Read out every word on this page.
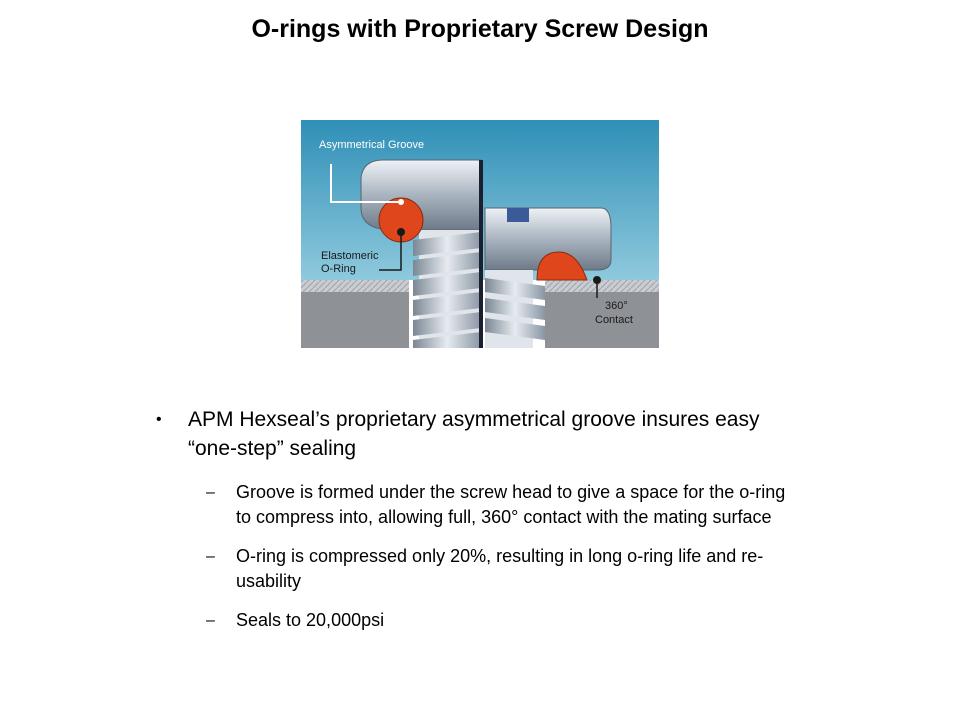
O-rings with Proprietary Screw Design
Asymmetrical Groove
Elastomeric
O-Ring
360°
Contact
• APM Hexseal’s proprietary asymmetrical groove insures easy “one-step” sealing
– Groove is formed under the screw head to give a space for the o-ring to compress into, allowing full, 360° contact with the mating surface
– O-ring is compressed only 20%, resulting in long o-ring life and re-usability
– Seals to 20,000psi
